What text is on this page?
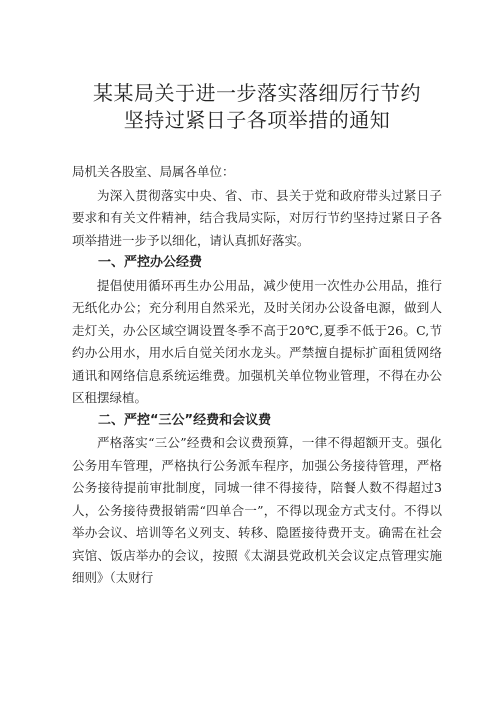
某某局关于进一步落实落细厉行节约
坚持过紧日子各项举措的通知

局机关各股室、局属各单位：

为深入贯彻落实中央、省、市、县关于党和政府带头过紧日子要求和有关文件精神，结合我局实际，对厉行节约坚持过紧日子各项举措进一步予以细化，请认真抓好落实。

一、严控办公经费

提倡使用循环再生办公用品，减少使用一次性办公用品，推行无纸化办公；充分利用自然采光，及时关闭办公设备电源，做到人走灯关，办公区域空调设置冬季不高于20℃,夏季不低于26。C,节约办公用水，用水后自觉关闭水龙头。严禁擅自提标扩面租赁网络通讯和网络信息系统运维费。加强机关单位物业管理，不得在办公区租摆绿植。

二、严控“三公”经费和会议费

严格落实“三公”经费和会议费预算，一律不得超额开支。强化公务用车管理，严格执行公务派车程序，加强公务接待管理，严格公务接待提前审批制度，同城一律不得接待，陪餐人数不得超过3人，公务接待费报销需“四单合一”，不得以现金方式支付。不得以举办会议、培训等名义列支、转移、隐匿接待费开支。确需在社会宾馆、饭店举办的会议，按照《太湖县党政机关会议定点管理实施细则》（太财行
